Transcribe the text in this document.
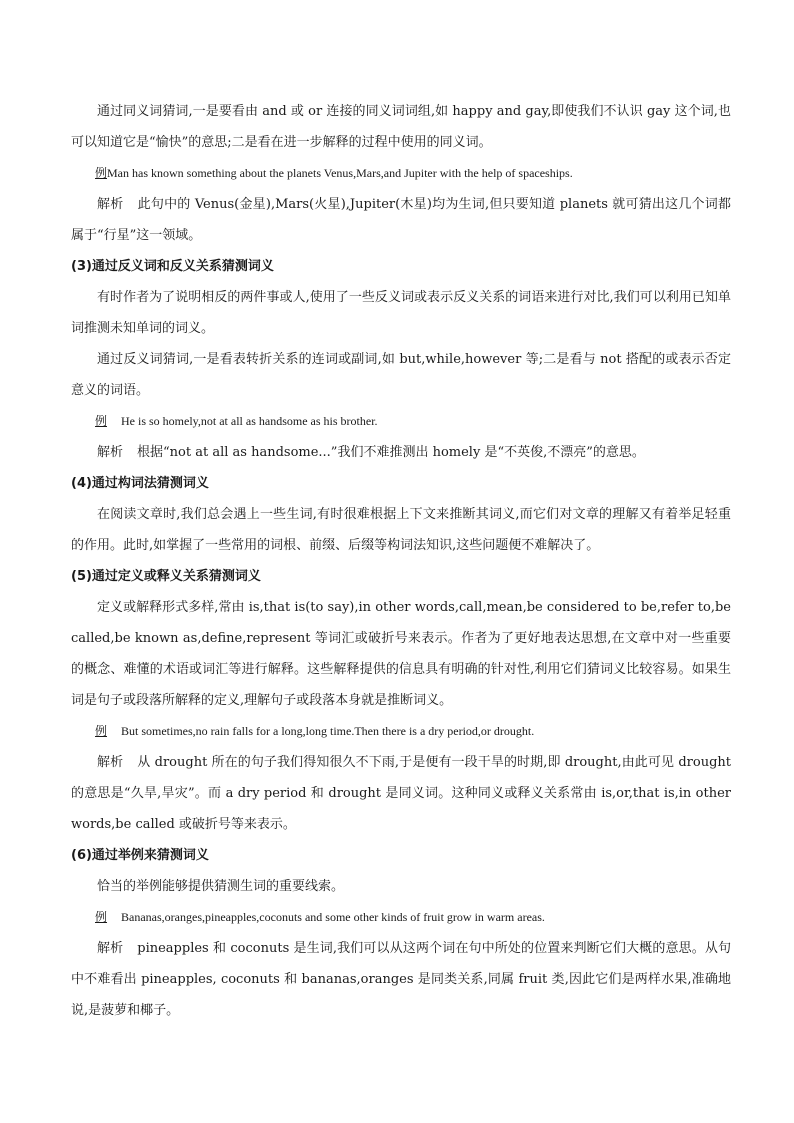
通过同义词猜词,一是要看由 and 或 or 连接的同义词词组,如 happy and gay,即使我们不认识 gay 这个词,也可以知道它是“愉快”的意思;二是看在进一步解释的过程中使用的同义词。

例Man has known something about the planets Venus,Mars,and Jupiter with the help of spaceships.

解析 此句中的 Venus(金星),Mars(火星),Jupiter(木星)均为生词,但只要知道 planets 就可猜出这几个词都属于“行星”这一领域。

(3)通过反义词和反义关系猜测词义

有时作者为了说明相反的两件事或人,使用了一些反义词或表示反义关系的词语来进行对比,我们可以利用已知单词推测未知单词的词义。

通过反义词猜词,一是看表转折关系的连词或副词,如 but,while,however 等;二是看与 not 搭配的或表示否定意义的词语。

例 He is so homely,not at all as handsome as his brother.

解析 根据“not at all as handsome...”我们不难推测出 homely 是“不英俊,不漂亮”的意思。

(4)通过构词法猜测词义

在阅读文章时,我们总会遇上一些生词,有时很难根据上下文来推断其词义,而它们对文章的理解又有着举足轻重的作用。此时,如掌握了一些常用的词根、前缀、后缀等构词法知识,这些问题便不难解决了。

(5)通过定义或释义关系猜测词义

定义或解释形式多样,常由 is,that is(to say),in other words,call,mean,be considered to be,refer to,be called,be known as,define,represent 等词汇或破折号来表示。作者为了更好地表达思想,在文章中对一些重要的概念、难懂的术语或词汇等进行解释。这些解释提供的信息具有明确的针对性,利用它们猜词义比较容易。如果生词是句子或段落所解释的定义,理解句子或段落本身就是推断词义。

例 But sometimes,no rain falls for a long,long time.Then there is a dry period,or drought.

解析 从 drought 所在的句子我们得知很久不下雨,于是便有一段干旱的时期,即 drought,由此可见 drought 的意思是“久旱,旱灾”。而 a dry period 和 drought 是同义词。这种同义或释义关系常由 is,or,that is,in other words,be called 或破折号等来表示。

(6)通过举例来猜测词义

恰当的举例能够提供猜测生词的重要线索。

例 Bananas,oranges,pineapples,coconuts and some other kinds of fruit grow in warm areas.

解析 pineapples 和 coconuts 是生词,我们可以从这两个词在句中所处的位置来判断它们大概的意思。从句中不难看出 pineapples, coconuts 和 bananas,oranges 是同类关系,同属 fruit 类,因此它们是两样水果,准确地说,是菠萝和椰子。
